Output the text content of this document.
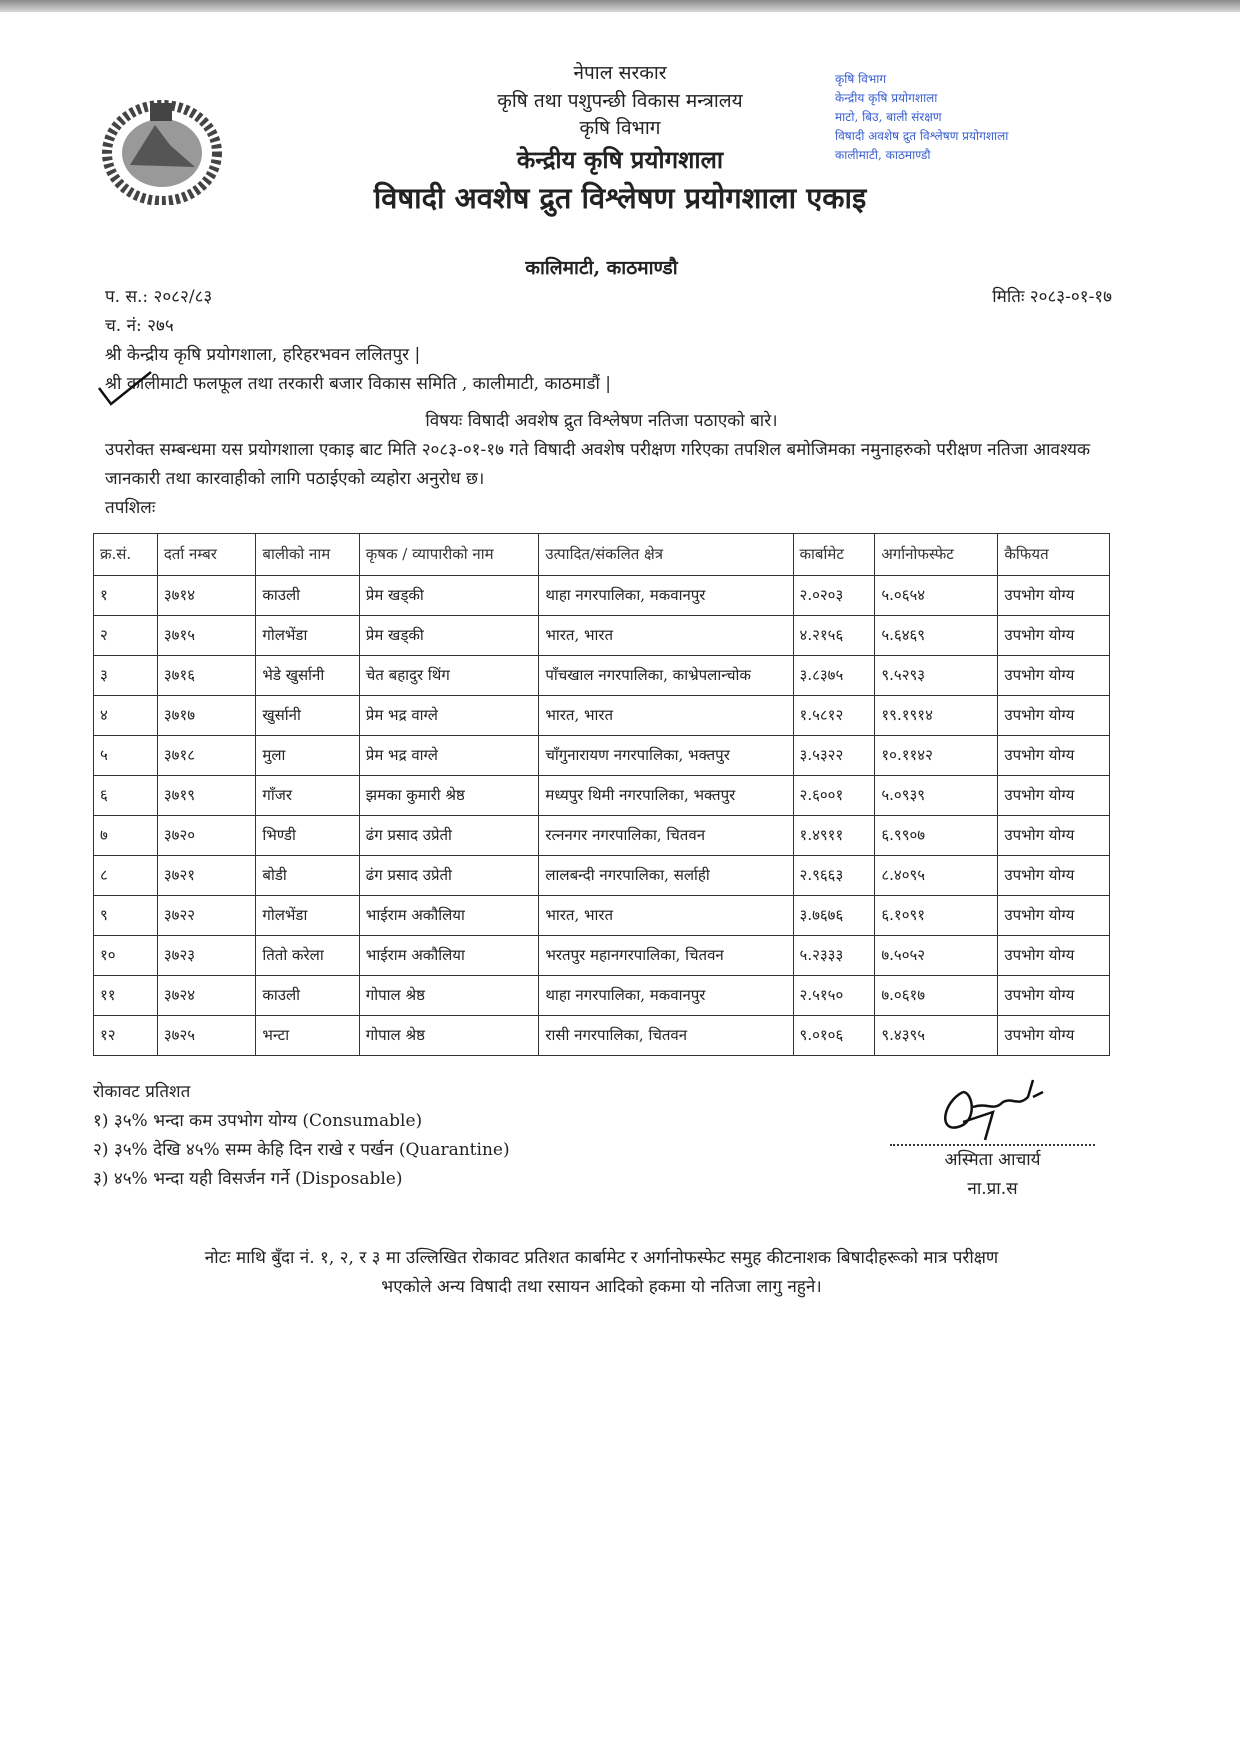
नेपाल सरकार
कृषि तथा पशुपन्छी विकास मन्त्रालय
कृषि विभाग
केन्द्रीय कृषि प्रयोगशाला
विषादी अवशेष द्रुत विश्लेषण प्रयोगशाला एकाइ
कृषि विभाग
केन्द्रीय कृषि प्रयोगशाला
माटो, बिउ, बाली संरक्षण
विषादी अवशेष द्रुत विश्लेषण प्रयोगशाला
कालीमाटी, काठमाण्डौ
कालिमाटी, काठमाण्डौ
मितिः २०८३-०१-१७
प. स.: २०८२/८३
च. नं: २७५
श्री केन्द्रीय कृषि प्रयोगशाला, हरिहरभवन ललितपुर |
श्री कालीमाटी फलफूल तथा तरकारी बजार विकास समिति , कालीमाटी, काठमाडौं |
विषयः विषादी अवशेष द्रुत विश्लेषण नतिजा पठाएको बारे।
उपरोक्त सम्बन्धमा यस प्रयोगशाला एकाइ बाट मिति २०८३-०१-१७ गते विषादी अवशेष परीक्षण गरिएका तपशिल बमोजिमका नमुनाहरुको परीक्षण नतिजा आवश्यक जानकारी तथा कारवाहीको लागि पठाईएको व्यहोरा अनुरोध छ।
तपशिलः
क्र.सं.	दर्ता नम्बर	बालीको नाम	कृषक / व्यापारीको नाम	उत्पादित/संकलित क्षेत्र	कार्बामेट	अर्गानोफस्फेट	कैफियत
१	३७१४	काउली	प्रेम खड्की	थाहा नगरपालिका, मकवानपुर	२.०२०३	५.०६५४	उपभोग योग्य
२	३७१५	गोलभेंडा	प्रेम खड्की	भारत, भारत	४.२१५६	५.६४६९	उपभोग योग्य
३	३७१६	भेडे खुर्सानी	चेत बहादुर थिंग	पाँचखाल नगरपालिका, काभ्रेपलान्चोक	३.८३७५	९.५२९३	उपभोग योग्य
४	३७१७	खुर्सानी	प्रेम भद्र वाग्ले	भारत, भारत	१.५८१२	१९.१९१४	उपभोग योग्य
५	३७१८	मुला	प्रेम भद्र वाग्ले	चाँगुनारायण नगरपालिका, भक्तपुर	३.५३२२	१०.११४२	उपभोग योग्य
६	३७१९	गाँजर	झमका कुमारी श्रेष्ठ	मध्यपुर थिमी नगरपालिका, भक्तपुर	२.६००१	५.०९३९	उपभोग योग्य
७	३७२०	भिण्डी	ढंग प्रसाद उप्रेती	रत्ननगर नगरपालिका, चितवन	१.४९११	६.९९०७	उपभोग योग्य
८	३७२१	बोडी	ढंग प्रसाद उप्रेती	लालबन्दी नगरपालिका, सर्लाही	२.९६६३	८.४०९५	उपभोग योग्य
९	३७२२	गोलभेंडा	भाईराम अकौलिया	भारत, भारत	३.७६७६	६.१०९१	उपभोग योग्य
१०	३७२३	तितो करेला	भाईराम अकौलिया	भरतपुर महानगरपालिका, चितवन	५.२३३३	७.५०५२	उपभोग योग्य
११	३७२४	काउली	गोपाल श्रेष्ठ	थाहा नगरपालिका, मकवानपुर	२.५१५०	७.०६१७	उपभोग योग्य
१२	३७२५	भन्टा	गोपाल श्रेष्ठ	रासी नगरपालिका, चितवन	९.०१०६	९.४३९५	उपभोग योग्य
रोकावट प्रतिशत
१) ३५% भन्दा कम उपभोग योग्य (Consumable)
२) ३५% देखि ४५% सम्म केहि दिन राखे र पर्खन (Quarantine)
३) ४५% भन्दा यही विसर्जन गर्ने (Disposable)
अस्मिता आचार्य
ना.प्रा.स
नोटः माथि बुँदा नं. १, २, र ३ मा उल्लिखित रोकावट प्रतिशत कार्बामेट र अर्गानोफस्फेट समुह कीटनाशक बिषादीहरूको मात्र परीक्षण
भएकोले अन्य विषादी तथा रसायन आदिको हकमा यो नतिजा लागु नहुने।
